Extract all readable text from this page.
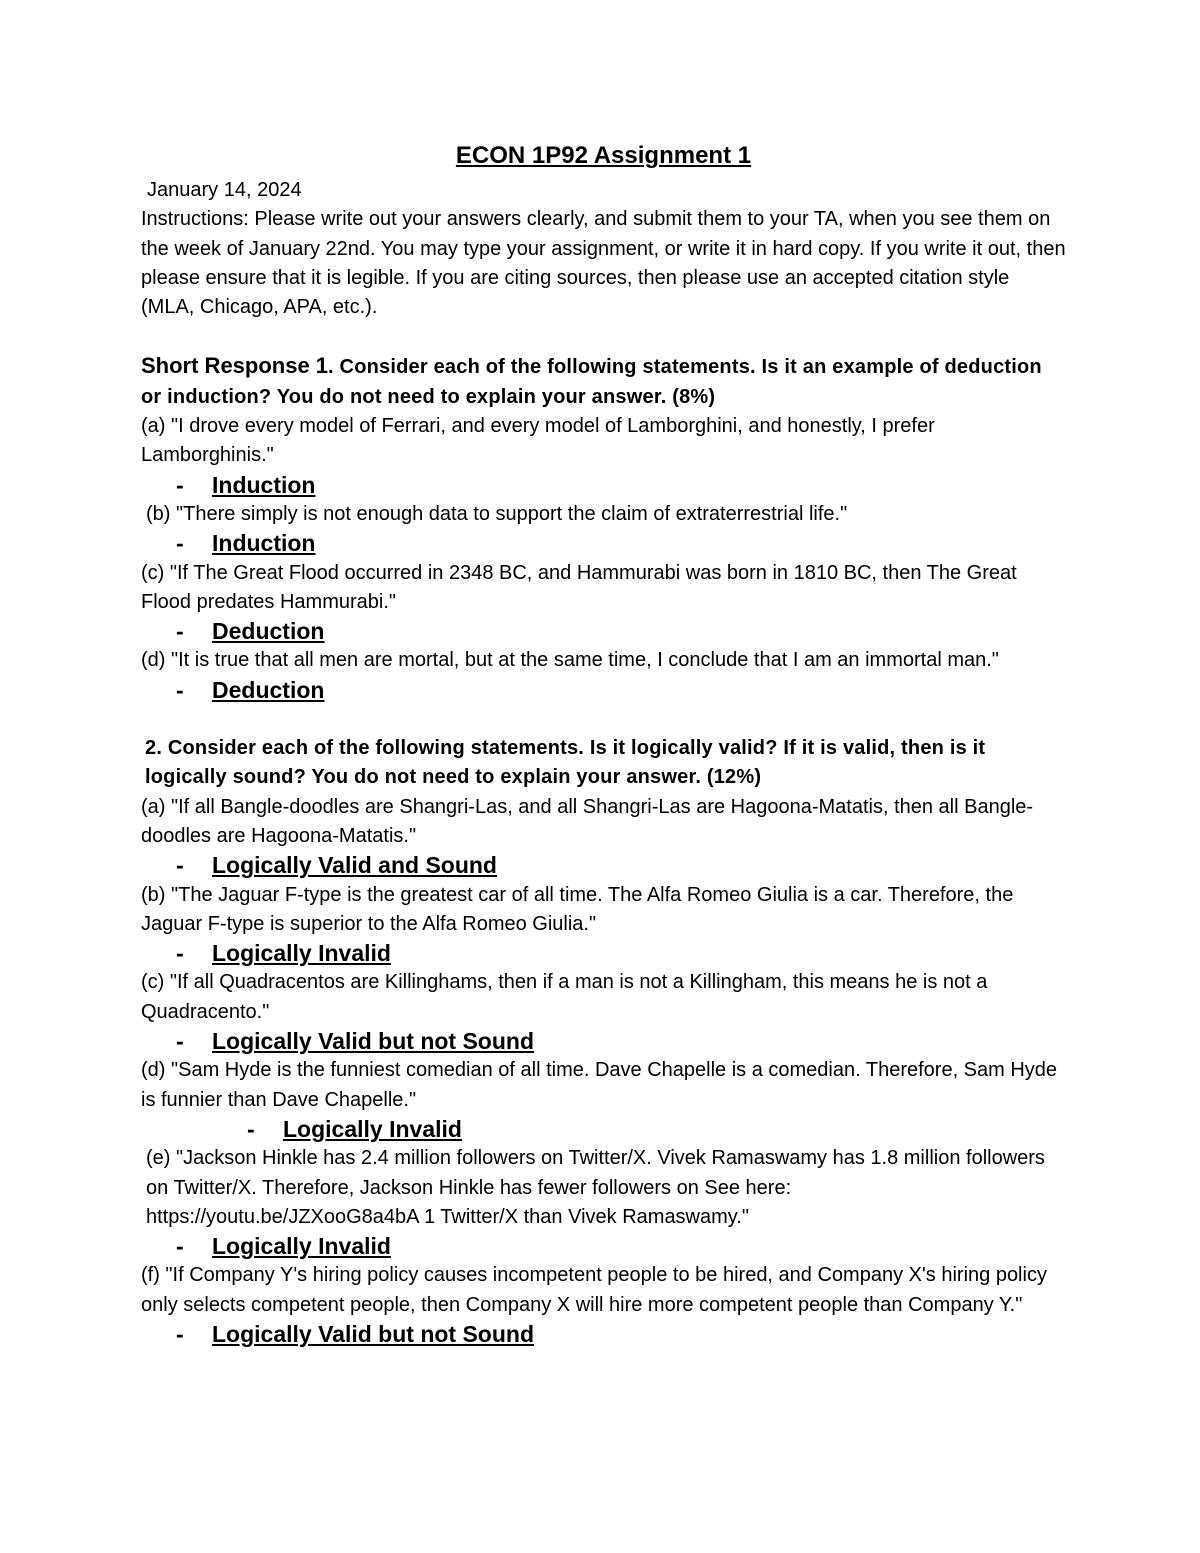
ECON 1P92 Assignment 1

January 14, 2024

Instructions: Please write out your answers clearly, and submit them to your TA, when you see them on the week of January 22nd. You may type your assignment, or write it in hard copy. If you write it out, then please ensure that it is legible. If you are citing sources, then please use an accepted citation style (MLA, Chicago, APA, etc.).

Short Response 1. Consider each of the following statements. Is it an example of deduction or induction? You do not need to explain your answer. (8%)

(a) "I drove every model of Ferrari, and every model of Lamborghini, and honestly, I prefer Lamborghinis."

-	Induction

(b) "There simply is not enough data to support the claim of extraterrestrial life."

-	Induction

(c) "If The Great Flood occurred in 2348 BC, and Hammurabi was born in 1810 BC, then The Great Flood predates Hammurabi."

-	Deduction

(d) "It is true that all men are mortal, but at the same time, I conclude that I am an immortal man."

-	Deduction

2. Consider each of the following statements. Is it logically valid? If it is valid, then is it logically sound? You do not need to explain your answer. (12%)

(a) "If all Bangle-doodles are Shangri-Las, and all Shangri-Las are Hagoona-Matatis, then all Bangle-doodles are Hagoona-Matatis."

-	Logically Valid and Sound

(b) "The Jaguar F-type is the greatest car of all time. The Alfa Romeo Giulia is a car. Therefore, the Jaguar F-type is superior to the Alfa Romeo Giulia."

-	Logically Invalid

(c) "If all Quadracentos are Killinghams, then if a man is not a Killingham, this means he is not a Quadracento."

-	Logically Valid but not Sound

(d) "Sam Hyde is the funniest comedian of all time. Dave Chapelle is a comedian. Therefore, Sam Hyde is funnier than Dave Chapelle."

-	Logically Invalid

(e) "Jackson Hinkle has 2.4 million followers on Twitter/X. Vivek Ramaswamy has 1.8 million followers on Twitter/X. Therefore, Jackson Hinkle has fewer followers on See here: https://youtu.be/JZXooG8a4bA 1 Twitter/X than Vivek Ramaswamy."

-	Logically Invalid

(f) "If Company Y's hiring policy causes incompetent people to be hired, and Company X's hiring policy only selects competent people, then Company X will hire more competent people than Company Y."

-	Logically Valid but not Sound
